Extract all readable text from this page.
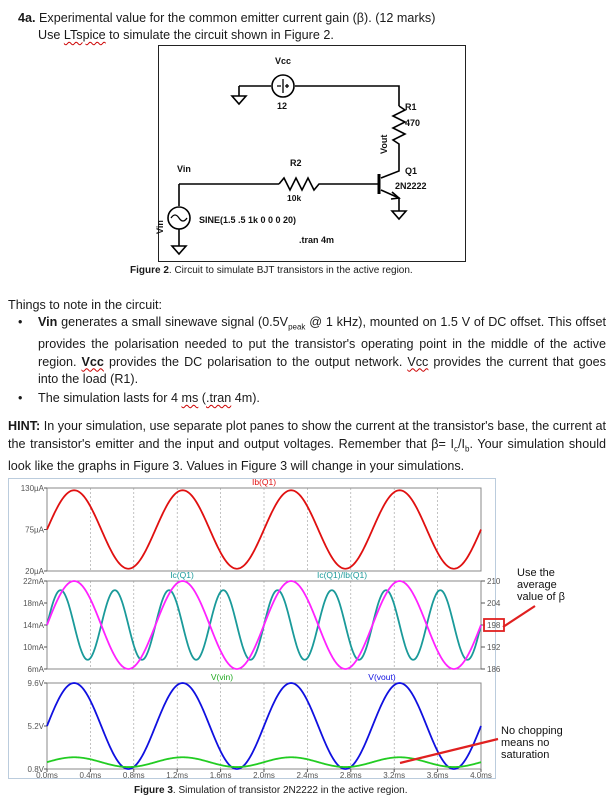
4a. Experimental value for the common emitter current gain (β). (12 marks)
Use LTspice to simulate the circuit shown in Figure 2.
Vcc
12	R1
470
Vout
R2
10k
Q1
2N2222
Vin
Vin
SINE(1.5 .5 1k 0 0 0 20)
.tran 4m
Figure 2. Circuit to simulate BJT transistors in the active region.
Things to note in the circuit:
• Vin generates a small sinewave signal ($0.5V_{peak}$ @ 1 kHz), mounted on 1.5 V of DC offset. This offset provides the polarisation needed to put the transistor's operating point in the middle of the active region. Vcc provides the DC polarisation to the output network. Vcc provides the current that goes into the load (R1).
• The simulation lasts for 4 ms (.tran 4m).
HINT: In your simulation, use separate plot panes to show the current at the transistor's base, the current at the transistor's emitter and the input and output voltages. Remember that $\beta= I_c/I_b$. Your simulation should look like the graphs in Figure 3. Values in Figure 3 will change in your simulations.
130µA
75µA
20µA
Ib(Q1)
22mA
18mA
14mA
10mA
6mA
210
204
198
192
186
Ic(Q1)	Ic(Q1)/Ib(Q1)
9.6V
5.2V
0.8V
V(vin)	V(vout)
0.0ms	0.4ms	0.8ms	1.2ms	1.6ms	2.0ms	2.4ms	2.8ms	3.2ms	3.6ms	4.0ms
Use the
average
value of β
No chopping
means no
saturation
Figure 3. Simulation of transistor 2N2222 in the active region.
